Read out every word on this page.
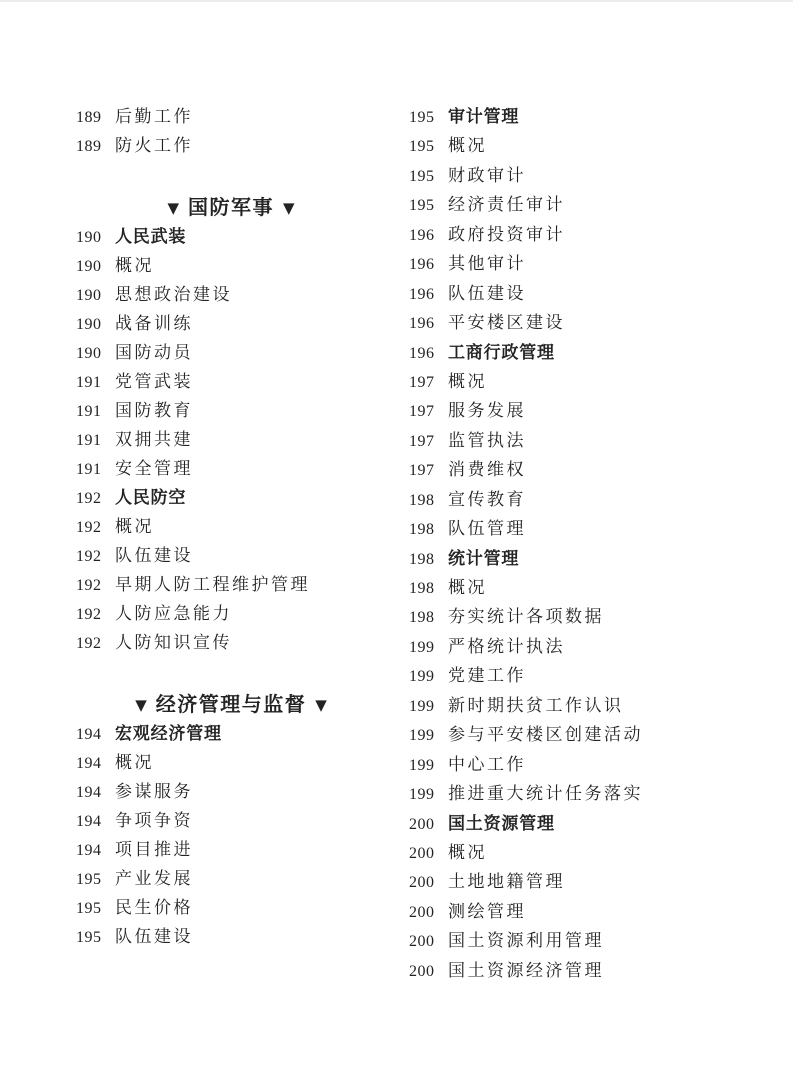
189 后勤工作
189 防火工作
▼ 国防军事 ▼
190 人民武装
190 概况
190 思想政治建设
190 战备训练
190 国防动员
191 党管武装
191 国防教育
191 双拥共建
191 安全管理
192 人民防空
192 概况
192 队伍建设
192 早期人防工程维护管理
192 人防应急能力
192 人防知识宣传
▼ 经济管理与监督 ▼
194 宏观经济管理
194 概况
194 参谋服务
194 争项争资
194 项目推进
195 产业发展
195 民生价格
195 队伍建设
195 审计管理
195 概况
195 财政审计
195 经济责任审计
196 政府投资审计
196 其他审计
196 队伍建设
196 平安楼区建设
196 工商行政管理
197 概况
197 服务发展
197 监管执法
197 消费维权
198 宣传教育
198 队伍管理
198 统计管理
198 概况
198 夯实统计各项数据
199 严格统计执法
199 党建工作
199 新时期扶贫工作认识
199 参与平安楼区创建活动
199 中心工作
199 推进重大统计任务落实
200 国土资源管理
200 概况
200 土地地籍管理
200 测绘管理
200 国土资源利用管理
200 国土资源经济管理
